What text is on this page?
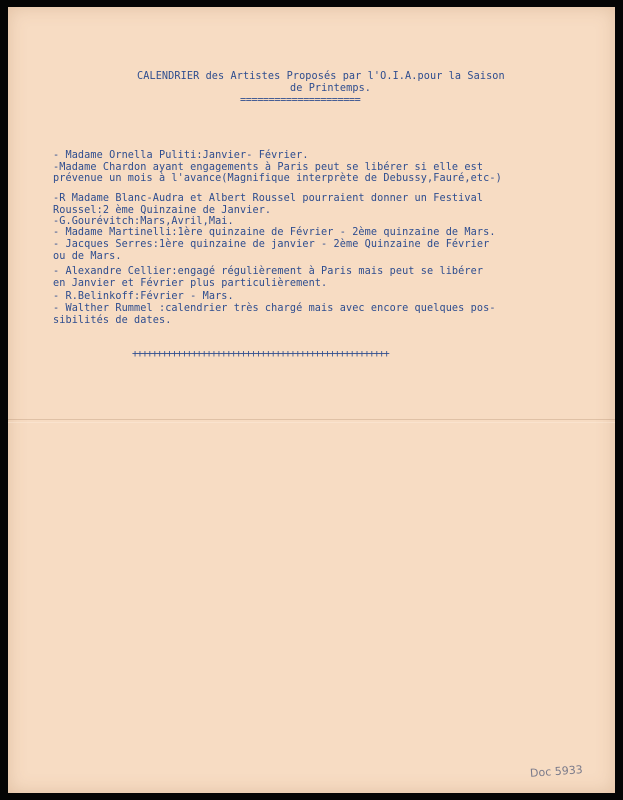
CALENDRIER des Artistes Proposés par l'O.I.A.pour la Saison
de Printemps.
=====================
- Madame Ornella Puliti:Janvier- Février.
-Madame Chardon ayant engagements à Paris peut se libérer si elle est
prévenue un mois à l'avance(Magnifique interprète de Debussy,Fauré,etc-)
-R Madame Blanc-Audra et Albert Roussel pourraient donner un Festival
Roussel:2 ème Quinzaine de Janvier.
-G.Gourévitch:Mars,Avril,Mai.
- Madame Martinelli:1ère quinzaine de Février - 2ème quinzaine de Mars.
- Jacques Serres:1ère quinzaine de janvier - 2ème Quinzaine de Février
ou de Mars.
- Alexandre Cellier:engagé régulièrement à Paris mais peut se libérer
en Janvier et Février plus particulièrement.
- R.Belinkoff:Février - Mars.
- Walther Rummel :calendrier très chargé mais avec encore quelques pos-
sibilités de dates.
++++++++++++++++++++++++++++++++++++++++++++++++++++
Doc 5933
